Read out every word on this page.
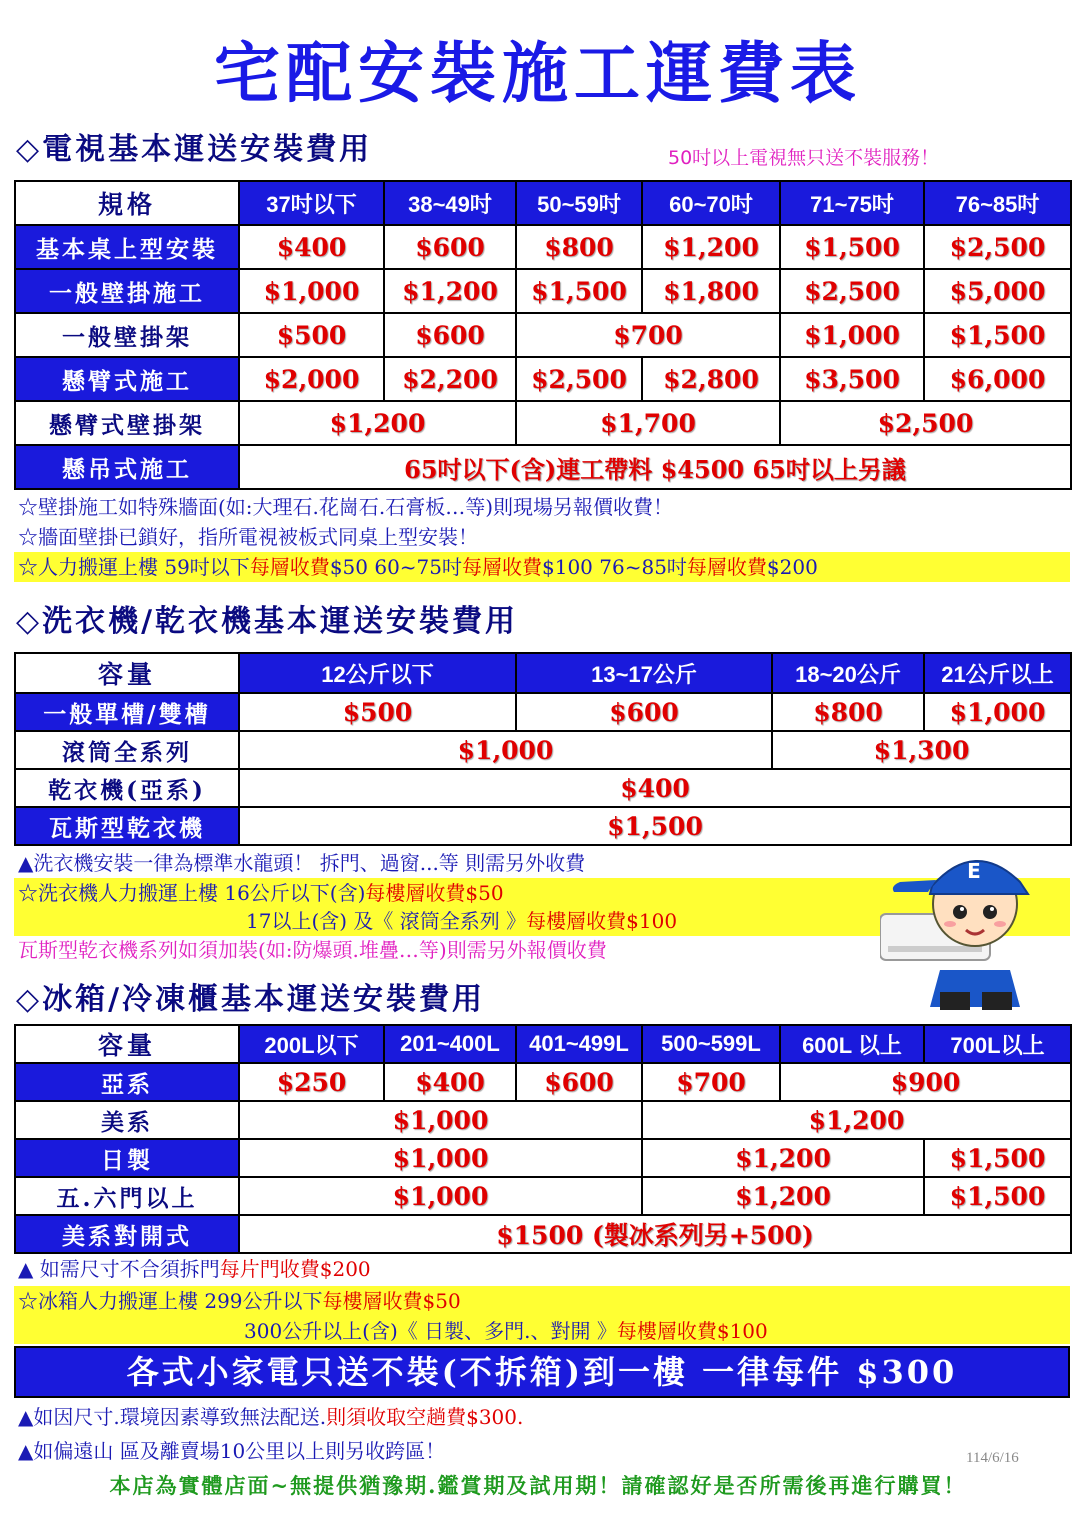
宅配安裝施工運費表
◇電視基本運送安裝費用	50吋以上電視無只送不裝服務！
規格	37吋以下	38~49吋	50~59吋	60~70吋	71~75吋	76~85吋
基本桌上型安裝	$400	$600	$800	$1,200	$1,500	$2,500
一般壁掛施工	$1,000	$1,200	$1,500	$1,800	$2,500	$5,000
一般壁掛架	$500	$600	$700		$1,000	$1,500
懸臂式施工	$2,000	$2,200	$2,500	$2,800	$3,500	$6,000
懸臂式壁掛架	$1,200		$1,700		$2,500	
懸吊式施工	65吋以下(含)連工帶料 $4500 65吋以上另議					
☆壁掛施工如特殊牆面(如:大理石.花崗石.石膏板…等)則現場另報價收費！
☆牆面壁掛已鎖好，指所電視被板式同桌上型安裝！
☆人力搬運上樓 59吋以下每層收費$50 60~75吋每層收費$100 76~85吋每層收費$200
◇洗衣機/乾衣機基本運送安裝費用
容量	12公斤以下	13~17公斤	18~20公斤	21公斤以上
一般單槽/雙槽	$500	$600	$800	$1,000
滾筒全系列	$1,000		$1,300	
乾衣機(亞系)	$400			
瓦斯型乾衣機	$1,500			
▲洗衣機安裝一律為標準水龍頭！ 拆門、過窗...等 則需另外收費
☆洗衣機人力搬運上樓 16公斤以下(含)每樓層收費$50
17以上(含) 及《 滾筒全系列 》每樓層收費$100
瓦斯型乾衣機系列如須加裝(如:防爆頭.堆疊…等)則需另外報價收費
E
◇冰箱/冷凍櫃基本運送安裝費用
容量	200L以下	201~400L	401~499L	500~599L	600L 以上	700L以上
亞系	$250	$400	$600	$700	$900	
美系	$1,000			$1,200		
日製	$1,000			$1,200		$1,500
五.六門以上	$1,000			$1,200		$1,500
美系對開式	$1500 (製冰系列另+500)					
▲ 如需尺寸不合須拆門每片門收費$200
☆冰箱人力搬運上樓 299公升以下每樓層收費$50
300公升以上(含)《 日製、多門.、對開 》每樓層收費$100
各式小家電只送不裝(不拆箱)到一樓 一律每件 $300
▲如因尺寸.環境因素導致無法配送.則須收取空趟費$300.
▲如偏遠山 區及離賣場10公里以上則另收跨區！	114/6/16
本店為實體店面~無提供猶豫期.鑑賞期及試用期！請確認好是否所需後再進行購買！
